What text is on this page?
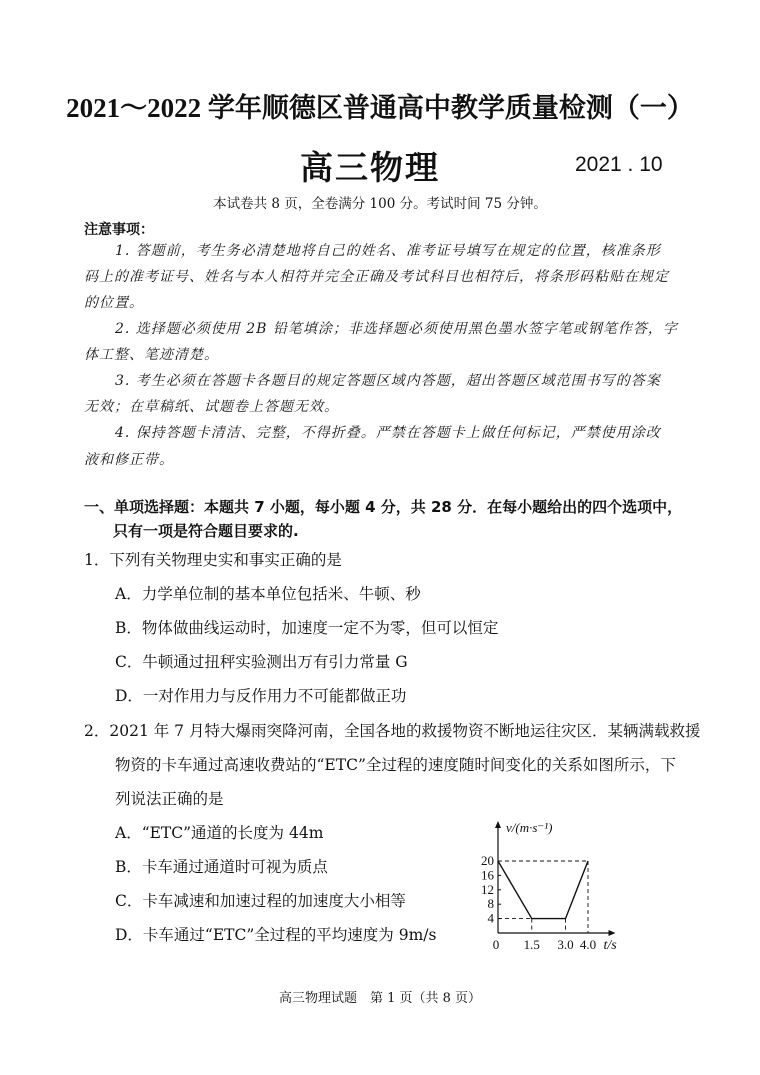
2021～2022 学年顺德区普通高中教学质量检测（一）
高三物理	2021 . 10
本试卷共 8 页，全卷满分 100 分。考试时间 75 分钟。
注意事项：
1. 答题前，考生务必清楚地将自己的姓名、准考证号填写在规定的位置，核准条形
码上的准考证号、姓名与本人相符并完全正确及考试科目也相符后，将条形码粘贴在规定
的位置。
2. 选择题必须使用 2B 铅笔填涂；非选择题必须使用黑色墨水签字笔或钢笔作答，字
体工整、笔迹清楚。
3. 考生必须在答题卡各题目的规定答题区域内答题，超出答题区域范围书写的答案
无效；在草稿纸、试题卷上答题无效。
4. 保持答题卡清洁、完整，不得折叠。严禁在答题卡上做任何标记，严禁使用涂改
液和修正带。
一、单项选择题：本题共 7 小题，每小题 4 分，共 28 分．在每小题给出的四个选项中，
只有一项是符合题目要求的.
1．下列有关物理史实和事实正确的是
A．力学单位制的基本单位包括米、牛顿、秒
B．物体做曲线运动时，加速度一定不为零，但可以恒定
C．牛顿通过扭秤实验测出万有引力常量 G
D．一对作用力与反作用力不可能都做正功
2．2021 年 7 月特大爆雨突降河南，全国各地的救援物资不断地运往灾区．某辆满载救援
物资的卡车通过高速收费站的“ETC”全过程的速度随时间变化的关系如图所示，下
列说法正确的是
A．“ETC”通道的长度为 44m
B．卡车通过通道时可视为质点
C．卡车减速和加速过程的加速度大小相等
D．卡车通过“ETC”全过程的平均速度为 9m/s
20
16
12
8
4
0 1.5 3.0 4.0
v/(m·s⁻¹)
t/s
高三物理试题　第 1 页（共 8 页）
